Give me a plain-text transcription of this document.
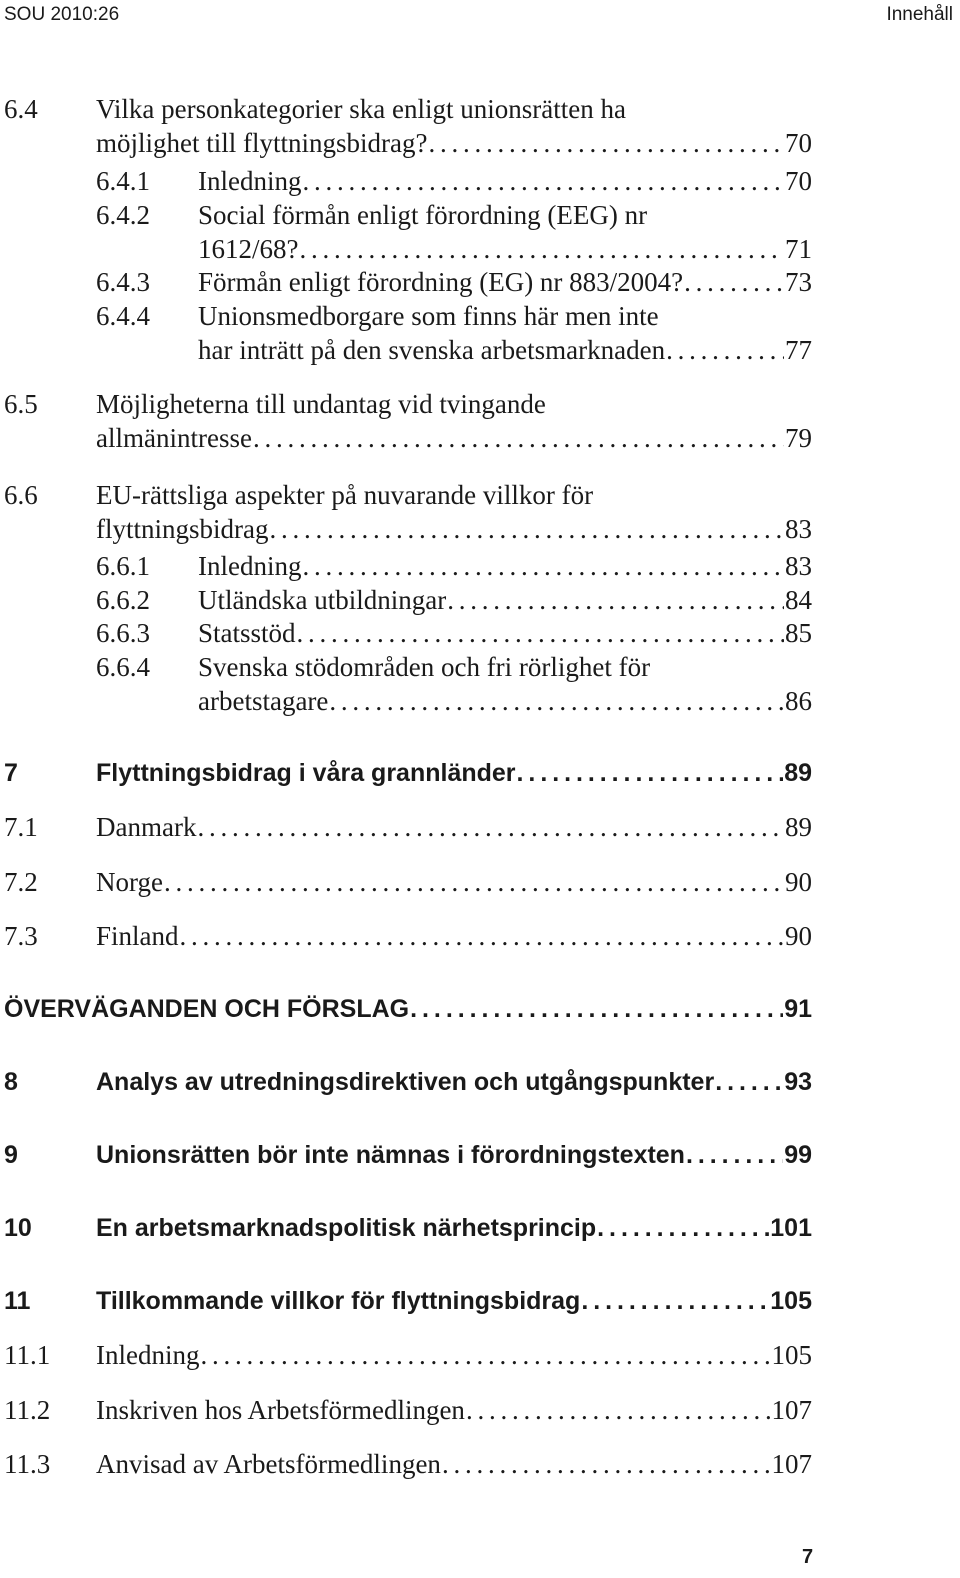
SOU 2010:26	Innehåll
6.4 Vilka personkategorier ska enligt unionsrätten ha
möjlighet till flyttningsbidrag? . . .	70
6.4.1 Inledning . . .	70
6.4.2 Social förmån enligt förordning (EEG) nr
1612/68? . . .	71
6.4.3 Förmån enligt förordning (EG) nr 883/2004? . . .	73
6.4.4 Unionsmedborgare som finns här men inte
har inträtt på den svenska arbetsmarknaden . . .	77
6.5 Möjligheterna till undantag vid tvingande
allmänintresse . . .	79
6.6 EU-rättsliga aspekter på nuvarande villkor för
flyttningsbidrag . . .	83
6.6.1 Inledning . . .	83
6.6.2 Utländska utbildningar . . .	84
6.6.3 Statsstöd . . .	85
6.6.4 Svenska stödområden och fri rörlighet för
arbetstagare . . .	86
7	Flyttningsbidrag i våra grannländer . . .	89
7.1 Danmark . . .	89
7.2 Norge . . .	90
7.3 Finland . . .	90
ÖVERVÄGANDEN OCH FÖRSLAG . . .	91
8	Analys av utredningsdirektiven och utgångspunkter . . .	93
9	Unionsrätten bör inte nämnas i förordningstexten . . .	99
10	En arbetsmarknadspolitisk närhetsprincip . . .	101
11	Tillkommande villkor för flyttningsbidrag . . .	105
11.1 Inledning . . .	105
11.2 Inskriven hos Arbetsförmedlingen . . .	107
11.3 Anvisad av Arbetsförmedlingen . . .	107
7
